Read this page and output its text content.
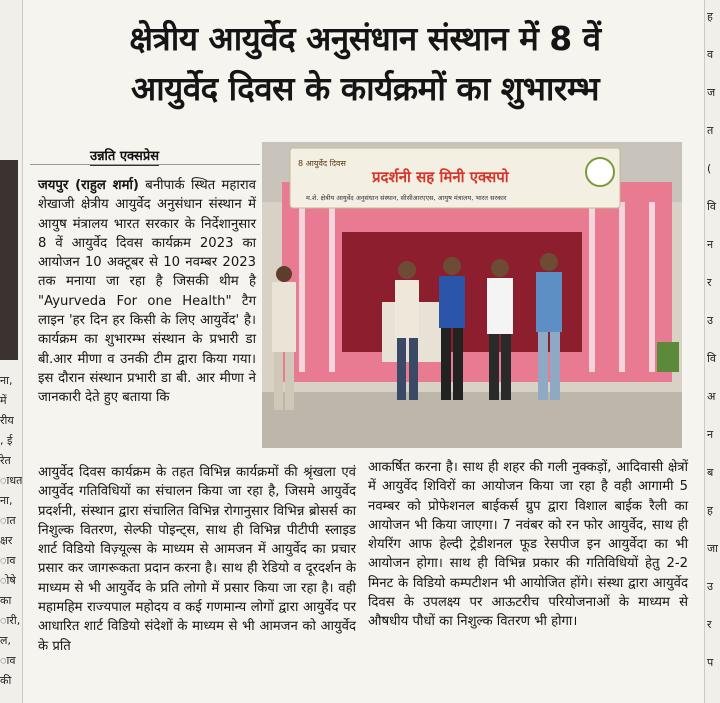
ना,
में
रीय
, ई
रेत
ाधत
ना,
ात
क्षर
ाव
ोषे
का
ारी,
ल,
ाव
की
ह
व
ज
त
(
वि
न
र
उ
वि
अ
न
ब
ह
जा
उ
र
प
क्षेत्रीय आयुर्वेद अनुसंधान संस्थान में 8 वें
आयुर्वेद दिवस के कार्यक्रमों का शुभारम्भ
उन्नति एक्सप्रेस
जयपुर (राहुल शर्मा) बनीपार्क स्थित महाराव शेखाजी क्षेत्रीय आयुर्वेद अनुसंधान संस्थान में आयुष मंत्रालय भारत सरकार के निर्देशानुसार 8 वें आयुर्वेद दिवस कार्यक्रम 2023 का आयोजन 10 अक्टूबर से 10 नवम्बर 2023 तक मनाया जा रहा है जिसकी थीम है "Ayurveda For one Health" टैग लाइन 'हर दिन हर किसी के लिए आयुर्वेद' है।कार्यक्रम का शुभारम्भ संस्थान के प्रभारी डा बी.आर मीणा व उनकी टीम द्वारा किया गया। इस दौरान संस्थान प्रभारी डा बी. आर मीणा ने जानकारी देते हुए बताया कि
8 आयुर्वेद दिवस
प्रदर्शनी सह मिनी एक्सपो
म.शे. क्षेत्रीय आयुर्वेद अनुसंधान संस्थान, सीसीआरएएस, आयुष मंत्रालय, भारत सरकार
आयुर्वेद दिवस कार्यक्रम के तहत विभिन्न कार्यक्रमों की श्रृंखला एवं आयुर्वेद गतिविधियों का संचालन किया जा रहा है, जिसमे आयुर्वेद प्रदर्शनी, संस्थान द्वारा संचालित विभिन्न रोगानुसार विभिन्न ब्रोसर्स का निशुल्क वितरण, सेल्फी पोइन्ट्स, साथ ही विभिन्न पीटीपी स्लाइड शार्ट विडियो विज़्यूल्स के माध्यम से आमजन में आयुर्वेद का प्रचार प्रसार कर जागरूकता प्रदान करना है। साथ ही रेडियो व दूरदर्शन के माध्यम से भी आयुर्वेद के प्रति लोगो में प्रसार किया जा रहा है। वही महामहिम राज्यपाल महोदय व कई गणमान्य लोगों द्वारा आयुर्वेद पर आधारित शार्ट विडियो संदेशों के माध्यम से भी आमजन को आयुर्वेद के प्रति
आकर्षित करना है। साथ ही शहर की गली नुक्कड़ों, आदिवासी क्षेत्रों में आयुर्वेद शिविरों का आयोजन किया जा रहा है वही आगामी 5 नवम्बर को प्रोफेशनल बाईकर्स ग्रुप द्वारा विशाल बाईक रैली का आयोजन भी किया जाएगा। 7 नवंबर को रन फोर आयुर्वेद, साथ ही शेयरिंग आफ हेल्दी ट्रेडीशनल फूड रेसपीज इन आयुर्वेदा का भी आयोजन होगा। साथ ही विभिन्न प्रकार की गतिविधियों हेतु 2-2 मिनट के विडियो कम्पटीशन भी आयोजित होंगे। संस्था द्वारा आयुर्वेद दिवस के उपलक्ष्य पर आऊटरीच परियोजनाओं के माध्यम से औषधीय पौधों का निशुल्क वितरण भी होगा।
